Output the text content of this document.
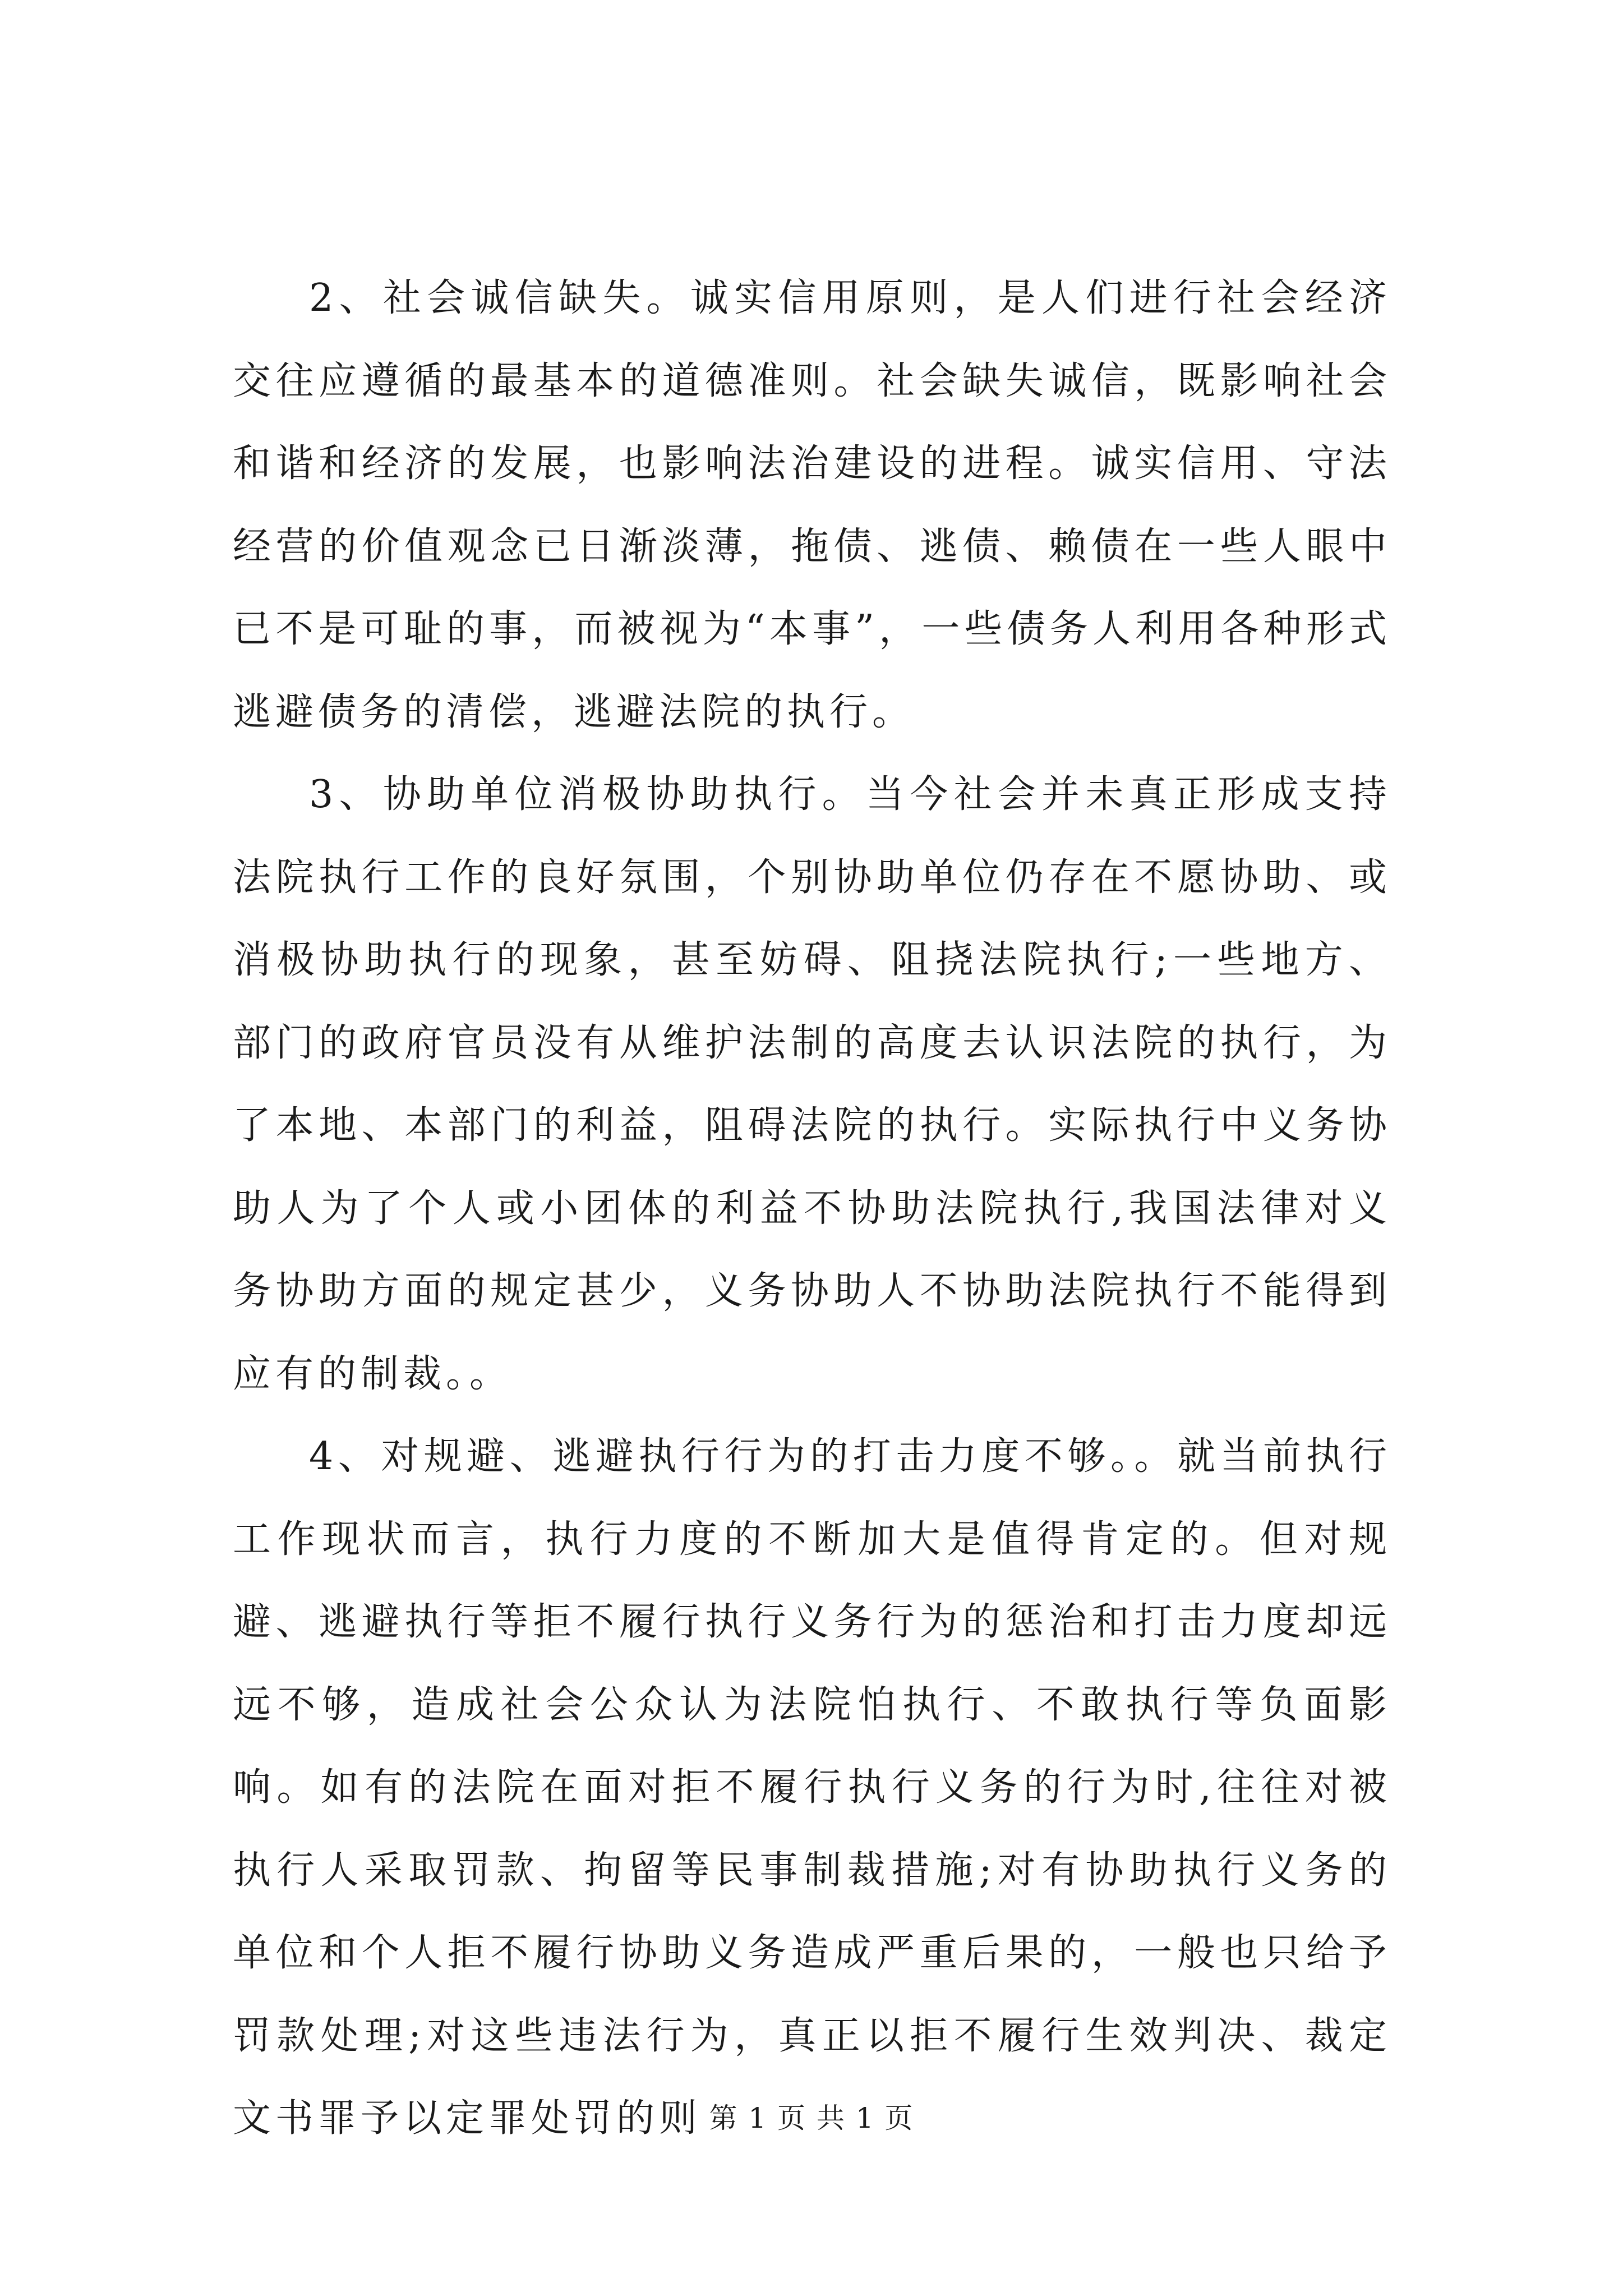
2、社会诚信缺失。诚实信用原则，是人们进行社会经济交往应遵循的最基本的道德准则。社会缺失诚信，既影响社会和谐和经济的发展，也影响法治建设的进程。诚实信用、守法经营的价值观念已日渐淡薄，拖债、逃债、赖债在一些人眼中已不是可耻的事，而被视为“本事”，一些债务人利用各种形式逃避债务的清偿，逃避法院的执行。

3、协助单位消极协助执行。当今社会并未真正形成支持法院执行工作的良好氛围，个别协助单位仍存在不愿协助、或消极协助执行的现象，甚至妨碍、阻挠法院执行;一些地方、部门的政府官员没有从维护法制的高度去认识法院的执行，为了本地、本部门的利益，阻碍法院的执行。实际执行中义务协助人为了个人或小团体的利益不协助法院执行,我国法律对义务协助方面的规定甚少，义务协助人不协助法院执行不能得到应有的制裁。。

4、对规避、逃避执行行为的打击力度不够。。就当前执行工作现状而言，执行力度的不断加大是值得肯定的。但对规避、逃避执行等拒不履行执行义务行为的惩治和打击力度却远远不够，造成社会公众认为法院怕执行、不敢执行等负面影响。如有的法院在面对拒不履行执行义务的行为时,往往对被执行人采取罚款、拘留等民事制裁措施;对有协助执行义务的单位和个人拒不履行协助义务造成严重后果的，一般也只给予罚款处理;对这些违法行为，真正以拒不履行生效判决、裁定文书罪予以定罪处罚的则 第 1 页 共 1 页
